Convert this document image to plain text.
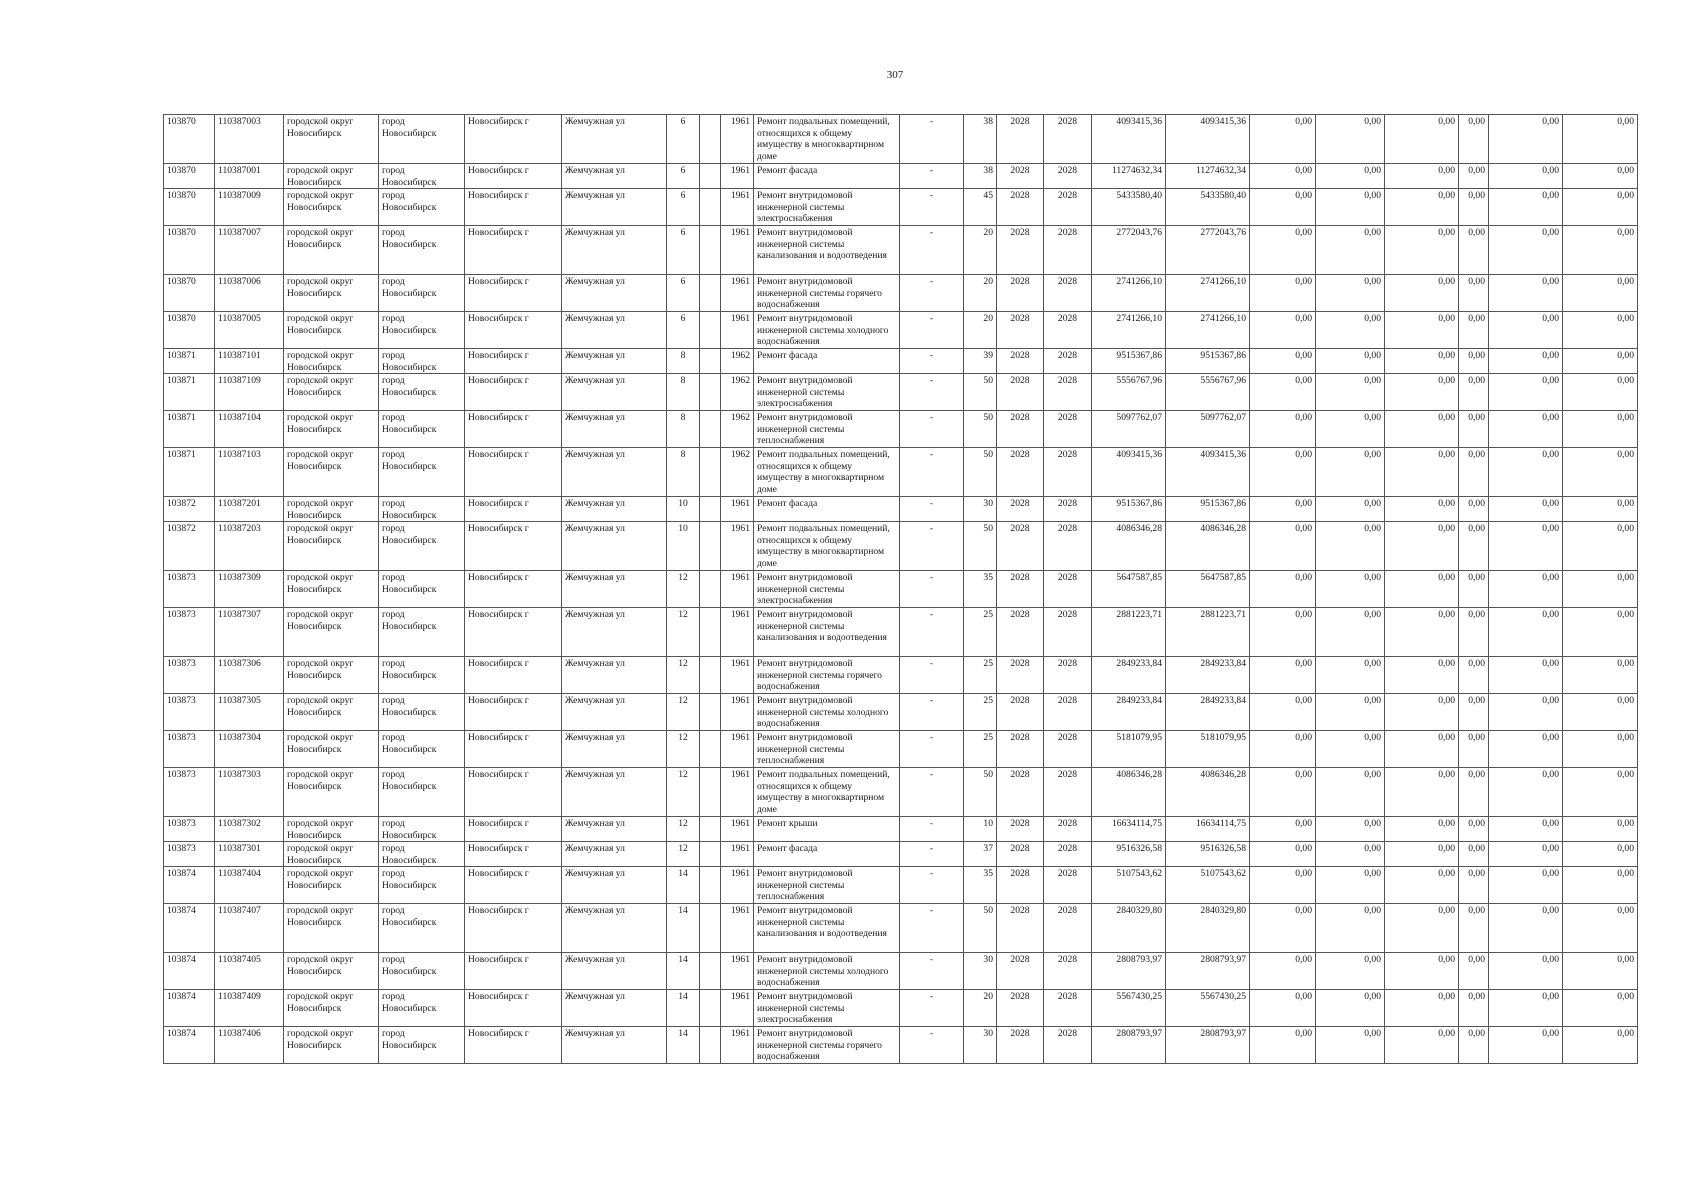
307
103870	110387003	городской округ Новосибирск	город Новосибирск	Новосибирск г	Жемчужная ул	6		1961	Ремонт подвальных помещений, относящихся к общему имуществу в многоквартирном доме	-	38	2028	2028	4093415,36	4093415,36	0,00	0,00	0,00	0,00	0,00	0,00
103870	110387001	городской округ Новосибирск	город Новосибирск	Новосибирск г	Жемчужная ул	6		1961	Ремонт фасада	-	38	2028	2028	11274632,34	11274632,34	0,00	0,00	0,00	0,00	0,00	0,00
103870	110387009	городской округ Новосибирск	город Новосибирск	Новосибирск г	Жемчужная ул	6		1961	Ремонт внутридомовой инженерной системы электроснабжения	-	45	2028	2028	5433580,40	5433580,40	0,00	0,00	0,00	0,00	0,00	0,00
103870	110387007	городской округ Новосибирск	город Новосибирск	Новосибирск г	Жемчужная ул	6		1961	Ремонт внутридомовой инженерной системы канализования и водоотведения	-	20	2028	2028	2772043,76	2772043,76	0,00	0,00	0,00	0,00	0,00	0,00
103870	110387006	городской округ Новосибирск	город Новосибирск	Новосибирск г	Жемчужная ул	6		1961	Ремонт внутридомовой инженерной системы горячего водоснабжения	-	20	2028	2028	2741266,10	2741266,10	0,00	0,00	0,00	0,00	0,00	0,00
103870	110387005	городской округ Новосибирск	город Новосибирск	Новосибирск г	Жемчужная ул	6		1961	Ремонт внутридомовой инженерной системы холодного водоснабжения	-	20	2028	2028	2741266,10	2741266,10	0,00	0,00	0,00	0,00	0,00	0,00
103871	110387101	городской округ Новосибирск	город Новосибирск	Новосибирск г	Жемчужная ул	8		1962	Ремонт фасада	-	39	2028	2028	9515367,86	9515367,86	0,00	0,00	0,00	0,00	0,00	0,00
103871	110387109	городской округ Новосибирск	город Новосибирск	Новосибирск г	Жемчужная ул	8		1962	Ремонт внутридомовой инженерной системы электроснабжения	-	50	2028	2028	5556767,96	5556767,96	0,00	0,00	0,00	0,00	0,00	0,00
103871	110387104	городской округ Новосибирск	город Новосибирск	Новосибирск г	Жемчужная ул	8		1962	Ремонт внутридомовой инженерной системы теплоснабжения	-	50	2028	2028	5097762,07	5097762,07	0,00	0,00	0,00	0,00	0,00	0,00
103871	110387103	городской округ Новосибирск	город Новосибирск	Новосибирск г	Жемчужная ул	8		1962	Ремонт подвальных помещений, относящихся к общему имуществу в многоквартирном доме	-	50	2028	2028	4093415,36	4093415,36	0,00	0,00	0,00	0,00	0,00	0,00
103872	110387201	городской округ Новосибирск	город Новосибирск	Новосибирск г	Жемчужная ул	10		1961	Ремонт фасада	-	30	2028	2028	9515367,86	9515367,86	0,00	0,00	0,00	0,00	0,00	0,00
103872	110387203	городской округ Новосибирск	город Новосибирск	Новосибирск г	Жемчужная ул	10		1961	Ремонт подвальных помещений, относящихся к общему имуществу в многоквартирном доме	-	50	2028	2028	4086346,28	4086346,28	0,00	0,00	0,00	0,00	0,00	0,00
103873	110387309	городской округ Новосибирск	город Новосибирск	Новосибирск г	Жемчужная ул	12		1961	Ремонт внутридомовой инженерной системы электроснабжения	-	35	2028	2028	5647587,85	5647587,85	0,00	0,00	0,00	0,00	0,00	0,00
103873	110387307	городской округ Новосибирск	город Новосибирск	Новосибирск г	Жемчужная ул	12		1961	Ремонт внутридомовой инженерной системы канализования и водоотведения	-	25	2028	2028	2881223,71	2881223,71	0,00	0,00	0,00	0,00	0,00	0,00
103873	110387306	городской округ Новосибирск	город Новосибирск	Новосибирск г	Жемчужная ул	12		1961	Ремонт внутридомовой инженерной системы горячего водоснабжения	-	25	2028	2028	2849233,84	2849233,84	0,00	0,00	0,00	0,00	0,00	0,00
103873	110387305	городской округ Новосибирск	город Новосибирск	Новосибирск г	Жемчужная ул	12		1961	Ремонт внутридомовой инженерной системы холодного водоснабжения	-	25	2028	2028	2849233,84	2849233,84	0,00	0,00	0,00	0,00	0,00	0,00
103873	110387304	городской округ Новосибирск	город Новосибирск	Новосибирск г	Жемчужная ул	12		1961	Ремонт внутридомовой инженерной системы теплоснабжения	-	25	2028	2028	5181079,95	5181079,95	0,00	0,00	0,00	0,00	0,00	0,00
103873	110387303	городской округ Новосибирск	город Новосибирск	Новосибирск г	Жемчужная ул	12		1961	Ремонт подвальных помещений, относящихся к общему имуществу в многоквартирном доме	-	50	2028	2028	4086346,28	4086346,28	0,00	0,00	0,00	0,00	0,00	0,00
103873	110387302	городской округ Новосибирск	город Новосибирск	Новосибирск г	Жемчужная ул	12		1961	Ремонт крыши	-	10	2028	2028	16634114,75	16634114,75	0,00	0,00	0,00	0,00	0,00	0,00
103873	110387301	городской округ Новосибирск	город Новосибирск	Новосибирск г	Жемчужная ул	12		1961	Ремонт фасада	-	37	2028	2028	9516326,58	9516326,58	0,00	0,00	0,00	0,00	0,00	0,00
103874	110387404	городской округ Новосибирск	город Новосибирск	Новосибирск г	Жемчужная ул	14		1961	Ремонт внутридомовой инженерной системы теплоснабжения	-	35	2028	2028	5107543,62	5107543,62	0,00	0,00	0,00	0,00	0,00	0,00
103874	110387407	городской округ Новосибирск	город Новосибирск	Новосибирск г	Жемчужная ул	14		1961	Ремонт внутридомовой инженерной системы канализования и водоотведения	-	50	2028	2028	2840329,80	2840329,80	0,00	0,00	0,00	0,00	0,00	0,00
103874	110387405	городской округ Новосибирск	город Новосибирск	Новосибирск г	Жемчужная ул	14		1961	Ремонт внутридомовой инженерной системы холодного водоснабжения	-	30	2028	2028	2808793,97	2808793,97	0,00	0,00	0,00	0,00	0,00	0,00
103874	110387409	городской округ Новосибирск	город Новосибирск	Новосибирск г	Жемчужная ул	14		1961	Ремонт внутридомовой инженерной системы электроснабжения	-	20	2028	2028	5567430,25	5567430,25	0,00	0,00	0,00	0,00	0,00	0,00
103874	110387406	городской округ Новосибирск	город Новосибирск	Новосибирск г	Жемчужная ул	14		1961	Ремонт внутридомовой инженерной системы горячего водоснабжения	-	30	2028	2028	2808793,97	2808793,97	0,00	0,00	0,00	0,00	0,00	0,00
